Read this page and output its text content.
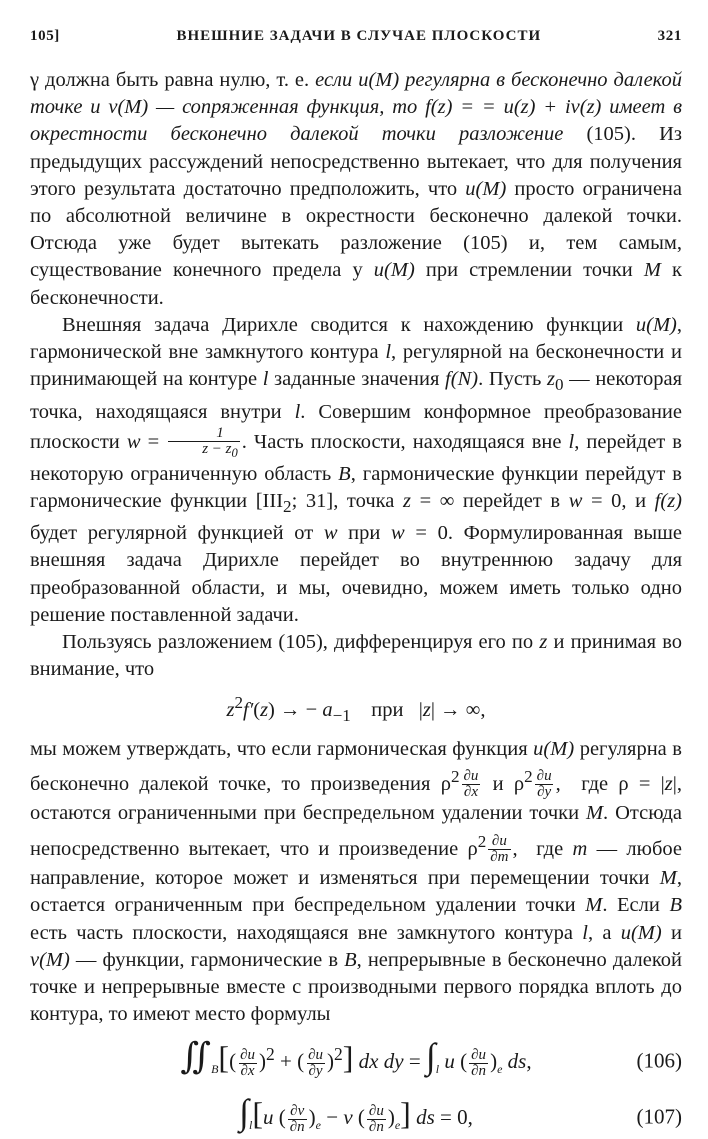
105]	ВНЕШНИЕ ЗАДАЧИ В СЛУЧАЕ ПЛОСКОСТИ	321

γ должна быть равна нулю, т. е. если u(M) регулярна в бесконечно далекой точке и v(M) — сопряженная функция, то f(z) = = u(z) + iv(z) имеет в окрестности бесконечно далекой точки разложение (105). Из предыдущих рассуждений непосредственно вытекает, что для получения этого результата достаточно предположить, что u(M) просто ограничена по абсолютной величине в окрестности бесконечно далекой точки. Отсюда уже будет вытекать разложение (105) и, тем самым, существование конечного предела у u(M) при стремлении точки M к бесконечности.

Внешняя задача Дирихле сводится к нахождению функции u(M), гармонической вне замкнутого контура l, регулярной на бесконечности и принимающей на контуре l заданные значения f(N). Пусть $z_0$ — некоторая точка, находящаяся внутри l. Совершим конформное преобразование плоскости $w = \frac{1}{z - z_0}$ . Часть плоскости, находящаяся вне l, перейдет в некоторую ограниченную область B, гармонические функции перейдут в гармонические функции [$III_2$; 31], точка z = ∞ перейдет в w = 0, и f(z) будет регулярной функцией от w при w = 0. Формулированная выше внешняя задача Дирихле перейдет во внутреннюю задачу для преобразованной области, и мы, очевидно, можем иметь только одно решение поставленной задачи.

Пользуясь разложением (105), дифференцируя его по z и принимая во внимание, что

$z^2f'(z)$ → − $a_{-1}$    при   |z| → ∞,

мы можем утверждать, что если гармоническая функция u(M) регулярна в бесконечно далекой точке, то произведения $\rho^2 \frac{\partial u}{\partial x}$ и $\rho^2 \frac{\partial u}{\partial y}$ ,  где ρ = |z|, остаются ограниченными при беспредельном удалении точки M. Отсюда непосредственно вытекает, что и произведение $\rho^2 \frac{\partial u}{\partial m}$ ,  где m — любое направление, которое может и изменяться при перемещении точки M, остается ограниченным при беспредельном удалении точки M. Если B есть часть плоскости, находящаяся вне замкнутого контура l, а u(M) и v(M) — функции, гармонические в B, непрерывные в бесконечно далекой точке и непрерывные вместе с производными первого порядка вплоть до контура, то имеют место формулы

$∬_B[( \frac{\partial u}{\partial x} )^2$ + ( $\frac{\partial u}{\partial y} )^2$] dx dy = $\int_l$ u ( $\frac{\partial u}{\partial n} )_e$ ds,	(106)
$\int_l[u$ ( $\frac{\partial v}{\partial n} )_e - v$ ( $\frac{\partial u}{\partial n} )_e$] ds = 0,	(107)
